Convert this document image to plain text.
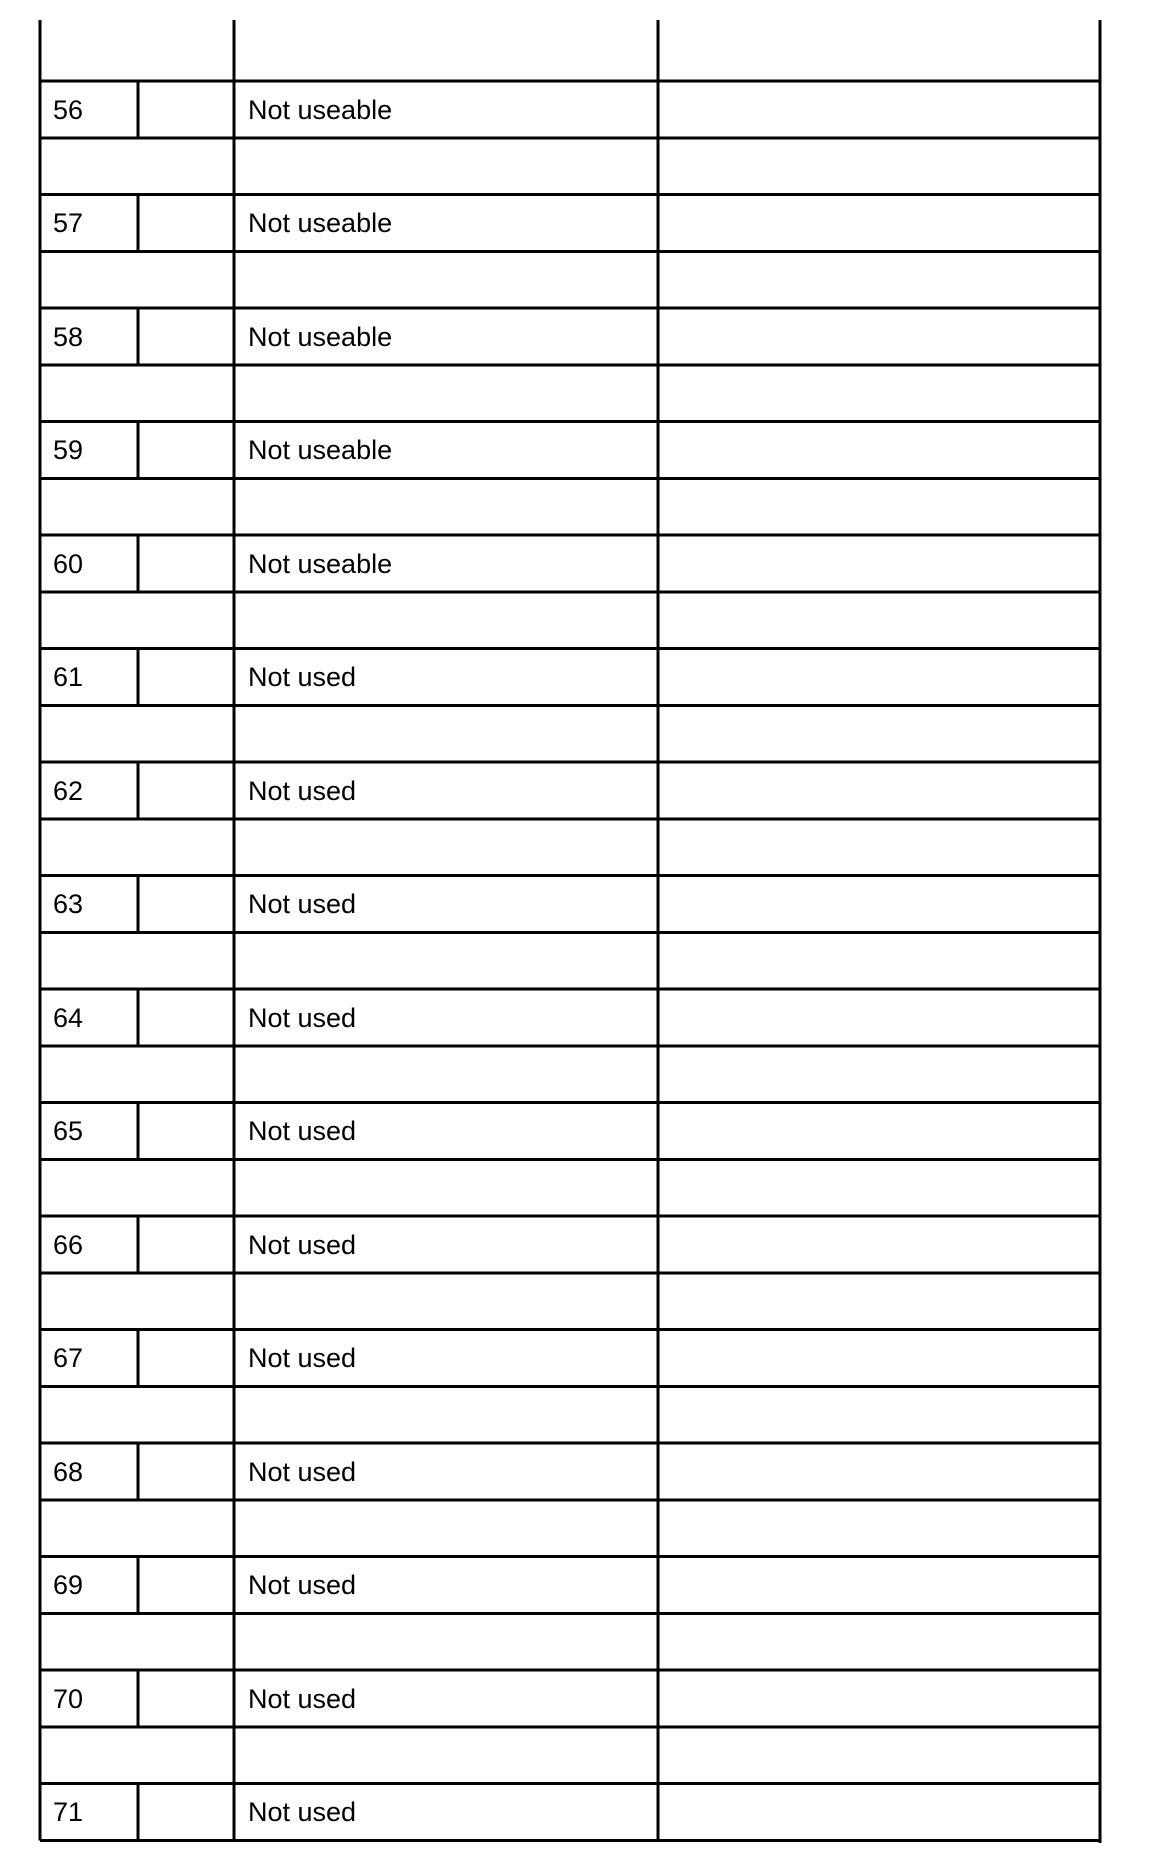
56	Not useable
57	Not useable
58	Not useable
59	Not useable
60	Not useable
61	Not used
62	Not used
63	Not used
64	Not used
65	Not used
66	Not used
67	Not used
68	Not used
69	Not used
70	Not used
71	Not used
